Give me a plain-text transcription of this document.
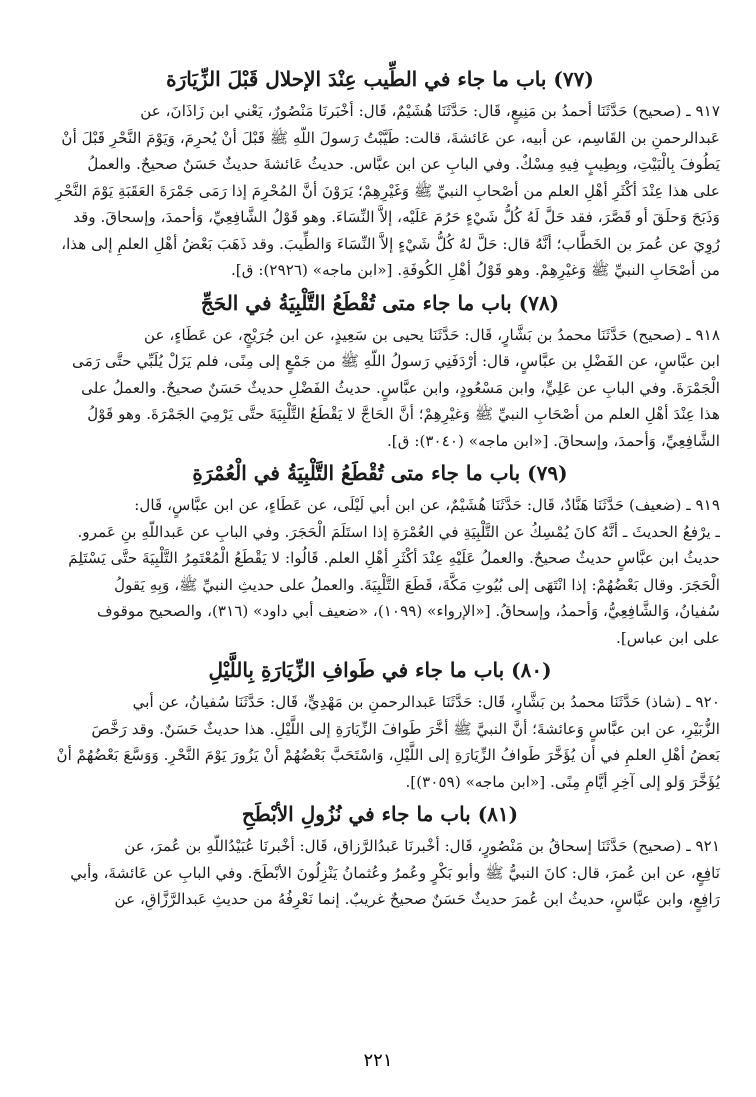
(٧٧) باب ما جاء في الطِّيب عِنْدَ الإحلال قَبْلَ الزِّيَارَة

٩١٧ ـ (صحيح) حَدَّثَنَا أحمدُ بن مَنِيعٍ، قَال: حَدَّثَنَا هُشَيْمٌ، قَال: أخْبَرنَا مَنْصُورٌ، يَعْني ابن زَاذَانَ، عن

عَبدالرحمنِ بن القَاسِم، عن أبيه، عن عَائشةَ، قالت: طَيَّبْتُ رَسولَ اللّهِ ﷺ قَبْلَ أنْ يُحرِمَ، وَيَوْمَ النَّحْرِ قَبْلَ أنْ

يَطُوفَ بِالْبَيْتِ، وبِطِيبٍ فِيهِ مِسْكٌ. وفي البابِ عن ابن عبَّاس. حديثُ عَائشةَ حديثٌ حَسَنٌ صحيحٌ. والعملُ

على هذا عِنْدَ أكْثَرِ أهْلِ العلم من أصْحابِ النبيِّ ﷺ وَغَيْرِهِمْ؛ يَرَوْنَ أنَّ المُحْرِمَ إذا رَمَى جَمْرَةَ العَقَبَةِ يَوْمَ النَّحْرِ

وَذَبَحَ وَحلَقَ أو قَصَّرَ، فقد حَلَّ لَهُ كُلُّ شَيْءٍ حَرُمَ عَلَيْه، إلاَّ النِّسَاءَ. وهو قَوْلُ الشَّافِعِيِّ، وَأحمدَ، وإسحاقَ. وقد

رُوِيَ عن عُمرَ بن الخَطَّاب؛ أنَّهُ قال: حَلَّ لهُ كُلُّ شَيْءٍ إلاَّ النِّسَاءَ وَالطِّيبَ. وقد ذَهَبَ بَعْضُ أهْلِ العلمِ إلى هذا،

من أصْحَابِ النبيِّ ﷺ وَغيْرِهِمْ. وهو قَوْلُ أهْلِ الكُوفَةِ. [«ابن ماجه» (٢٩٢٦): ق].

(٧٨) باب ما جاء متى تُقْطَعُ التَّلْبِيَةُ في الحَجِّ

٩١٨ ـ (صحيح) حَدَّثَنَا محمدُ بن بَشَّارٍ، قَال: حَدَّثَنَا يحيى بن سَعِيدٍ، عن ابن جُرَيْجٍ، عن عَطَاءٍ، عن

ابن عبَّاسٍ، عن الفَضْلِ بن عبَّاسٍ، قال: أرْدَفَنِي رَسولُ اللّهِ ﷺ من جَمْعٍ إلى مِنًى، فلم يَزَلْ يُلَبِّي حتَّى رَمَى

الْجَمْرَةَ. وفي البابِ عن عَلِيٍّ، وابن مَسْعُودٍ، وابن عبَّاسٍ. حديثُ الفَضْلِ حديثٌ حَسَنٌ صحيحٌ. والعملُ على

هذا عِنْدَ أهْلِ العلم من أصْحَابِ النبيِّ ﷺ وَغيْرِهِمْ؛ أنَّ الحَاجَّ لا يَقْطَعُ التَّلْبِيَةَ حتَّى يَرْمِيَ الجَمْرَةَ. وهو قَوْلُ

الشَّافِعِيِّ، وَأحمدَ، وإسحاقَ. [«ابن ماجه» (٣٠٤٠): ق].

(٧٩) باب ما جاء متى تُقْطَعُ التَّلْبِيَةُ في الْعُمْرَةِ

٩١٩ ـ (ضعيف) حَدَّثَنَا هَنَّادٌ، قَال: حَدَّثَنَا هُشَيْمٌ، عن ابن أبي لَيْلَى، عن عَطَاءٍ، عن ابن عبَّاسٍ، قَال:

ـ يرْفعُ الحديثَ ـ أنَّهُ كانَ يُمْسِكُ عن التَّلْبِيَةِ في العُمْرَةِ إذا استَلَمَ الْحَجَرَ. وفي البابِ عن عَبداللّهِ بنِ عَمرو.

حديثُ ابن عبَّاسٍ حديثٌ صحيحٌ. والعملُ عَلَيْهِ عِنْدَ أكْثَرِ أهْلِ العلم. قَالُوا: لا يَقْطَعُ الْمُعْتَمِرُ التَّلْبِيَةَ حتَّى يَسْتَلِمَ

الْحَجَرَ. وقال بَعْضُهُمْ: إذا انْتَهَى إلى بُيُوتِ مَكَّةَ، قَطَعَ التَّلْبِيَةَ. والعملُ على حديثِ النبيِّ ﷺ، وَبِهِ يَقولُ

سُفيانُ، وَالشَّافِعِيُّ، وَأحمدُ، وإسحاقُ. [«الإرواء» (١٠٩٩)، «ضعيف أبي داود» (٣١٦)، والصحيح موقوف

على ابن عباس].

(٨٠) باب ما جاء في طَوافِ الزِّيَارَةِ بِاللَّيْلِ

٩٢٠ ـ (شاذ) حَدَّثَنَا محمدُ بن بَشَّارٍ، قَال: حَدَّثَنَا عَبدالرحمنِ بن مَهْدِيٍّ، قَال: حَدَّثَنَا سُفيانُ، عن أبي

الزُّبَيْرِ، عن ابن عبَّاسٍ وَعائشةَ؛ أنَّ النبيَّ ﷺ أخَّرَ طَوافَ الزِّيَارَةِ إلى اللَّيْلِ. هذا حديثٌ حَسَنٌ. وقد رَخَّصَ

بَعضُ أهْلِ العلمِ في أن يُؤَخَّرَ طَوافُ الزِّيَارَةِ إلى اللَّيْلِ، وَاسْتَحَبَّ بَعْضُهُمْ أنْ يَزُورَ يَوْمَ النَّحْرِ. وَوَسَّعَ بَعْضُهُمْ أنْ

يُؤَخَّرَ وَلو إلى آخِرِ أيَّامِ مِنًى. [«ابن ماجه» (٣٠٥٩)].

(٨١) باب ما جاء في نُزُولِ الأبْطَحِ

٩٢١ ـ (صحيح) حَدَّثَنَا إسحاقُ بن مَنْصُورٍ، قَال: أخْبرنَا عَبدُالرَّزاق، قَال: أخْبرنَا عُبَيْدُاللّهِ بن عُمرَ، عن

نَافِعٍ، عن ابن عُمرَ، قال: كانَ النبيُّ ﷺ وأبو بَكْرٍ وعُمرُ وعُثمانُ يَنْزِلُونَ الأبْطَحَ. وفي البابِ عن عَائشةَ، وأبي

رَافِعٍ، وابن عبَّاسٍ، حديثُ ابن عُمرَ حديثٌ حَسَنٌ صحيحٌ غريبٌ. إنما نَعْرِفُهُ من حديثِ عَبدالرَّزَّاقِ، عن

٢٢١
